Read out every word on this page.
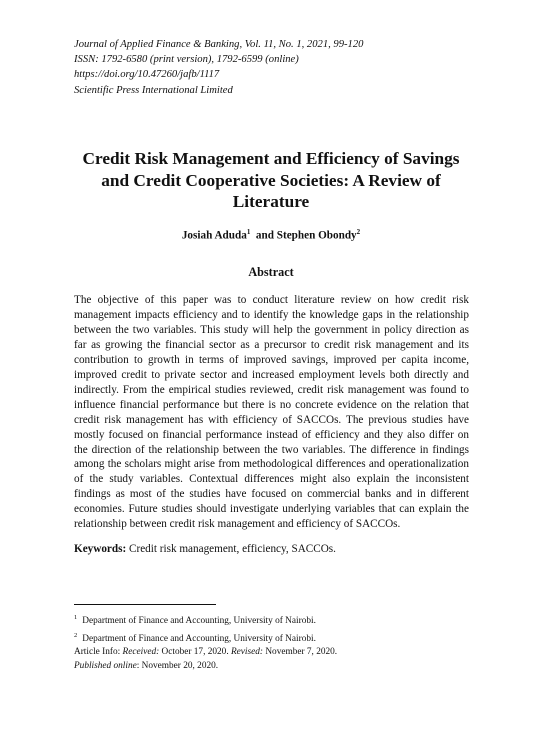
Journal of Applied Finance & Banking, Vol. 11, No. 1, 2021, 99-120
ISSN: 1792-6580 (print version), 1792-6599 (online)
https://doi.org/10.47260/jafb/1117
Scientific Press International Limited
Credit Risk Management and Efficiency of Savings
and Credit Cooperative Societies: A Review of
Literature
Josiah Aduda$^1$ and Stephen Obondy$^2$
Abstract
The objective of this paper was to conduct literature review on how credit risk management impacts efficiency and to identify the knowledge gaps in the relationship between the two variables. This study will help the government in policy direction as far as growing the financial sector as a precursor to credit risk management and its contribution to growth in terms of improved savings, improved per capita income, improved credit to private sector and increased employment levels both directly and indirectly. From the empirical studies reviewed, credit risk management was found to influence financial performance but there is no concrete evidence on the relation that credit risk management has with efficiency of SACCOs. The previous studies have mostly focused on financial performance instead of efficiency and they also differ on the direction of the relationship between the two variables. The difference in findings among the scholars might arise from methodological differences and operationalization of the study variables. Contextual differences might also explain the inconsistent findings as most of the studies have focused on commercial banks and in different economies. Future studies should investigate underlying variables that can explain the relationship between credit risk management and efficiency of SACCOs.
Keywords: Credit risk management, efficiency, SACCOs.
$^1$ Department of Finance and Accounting, University of Nairobi.
$^2$ Department of Finance and Accounting, University of Nairobi.
Article Info: Received: October 17, 2020. Revised: November 7, 2020.
Published online: November 20, 2020.
